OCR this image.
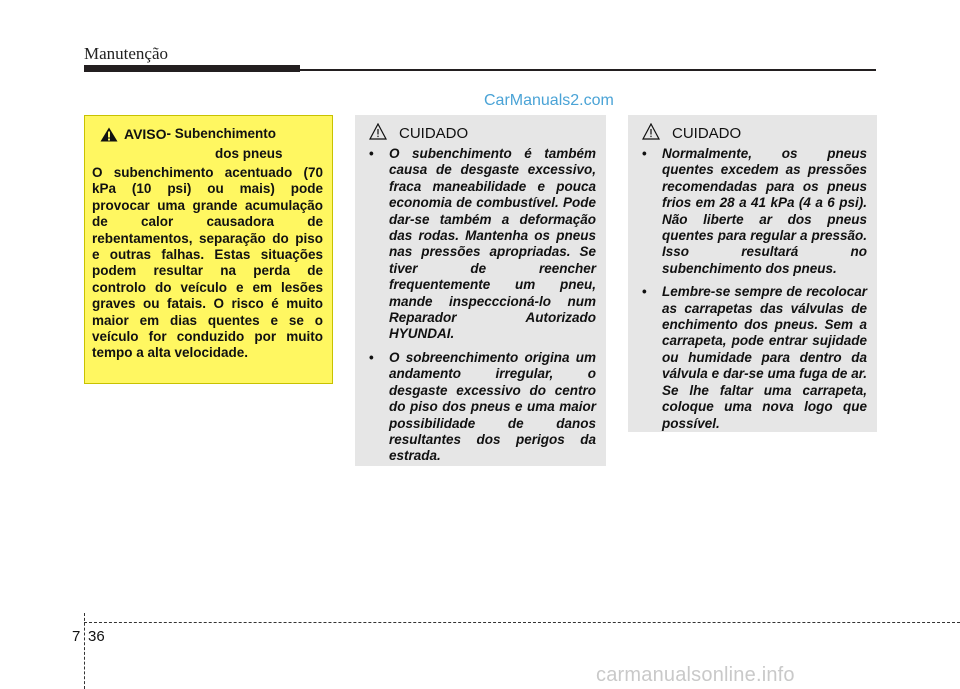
Manutenção
CarManuals2.com
AVISO - Subenchimento
dos pneus

O subenchimento acentuado (70 kPa (10 psi) ou mais) pode provocar uma grande acumulação de calor causadora de rebentamentos, separação do piso e outras falhas. Estas situações podem resultar na perda de controlo do veículo e em lesões graves ou fatais. O risco é muito maior em dias quentes e se o veículo for conduzido por muito tempo a alta velocidade.

CUIDADO
• O subenchimento é também causa de desgaste excessivo, fraca maneabilidade e pouca economia de combustível. Pode dar-se também a deformação das rodas. Mantenha os pneus nas pressões apropriadas. Se tiver de reencher frequentemente um pneu, mande inspecccioná-lo num Reparador Autorizado HYUNDAI.
• O sobreenchimento origina um andamento irregular, o desgaste excessivo do centro do piso dos pneus e uma maior possibilidade de danos resultantes dos perigos da estrada.
CUIDADO
• Normalmente, os pneus quentes excedem as pressões recomendadas para os pneus frios em 28 a 41 kPa (4 a 6 psi). Não liberte ar dos pneus quentes para regular a pressão. Isso resultará no subenchimento dos pneus.
• Lembre-se sempre de recolocar as carrapetas das válvulas de enchimento dos pneus. Sem a carrapeta, pode entrar sujidade ou humidade para dentro da válvula e dar-se uma fuga de ar. Se lhe faltar uma carrapeta, coloque uma nova logo que possível.
7 36
carmanualsonline.info
